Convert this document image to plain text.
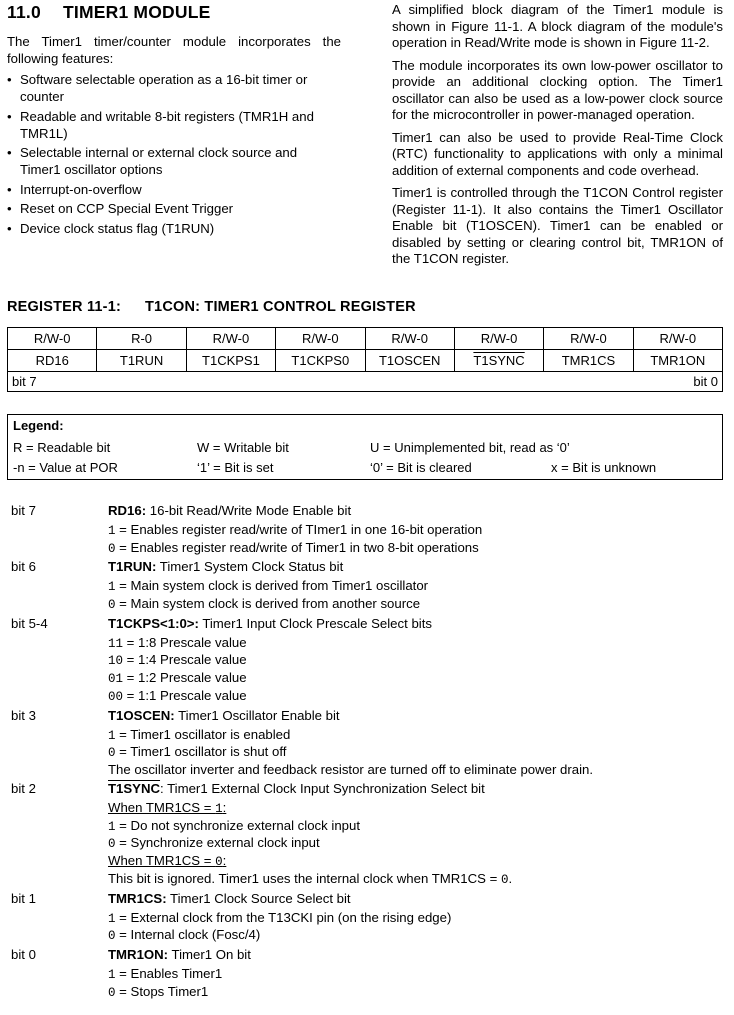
11.0 TIMER1 MODULE

The Timer1 timer/counter module incorporates the following features:

• Software selectable operation as a 16-bit timer or counter
• Readable and writable 8-bit registers (TMR1H and TMR1L)
• Selectable internal or external clock source and Timer1 oscillator options
• Interrupt-on-overflow
• Reset on CCP Special Event Trigger
• Device clock status flag (T1RUN)

A simplified block diagram of the Timer1 module is shown in Figure 11-1. A block diagram of the module's operation in Read/Write mode is shown in Figure 11-2.

The module incorporates its own low-power oscillator to provide an additional clocking option. The Timer1 oscillator can also be used as a low-power clock source for the microcontroller in power-managed operation.

Timer1 can also be used to provide Real-Time Clock (RTC) functionality to applications with only a minimal addition of external components and code overhead.

Timer1 is controlled through the T1CON Control register (Register 11-1). It also contains the Timer1 Oscillator Enable bit (T1OSCEN). Timer1 can be enabled or disabled by setting or clearing control bit, TMR1ON of the T1CON register.

REGISTER 11-1: T1CON: TIMER1 CONTROL REGISTER
R/W-0	R-0	R/W-0	R/W-0	R/W-0	R/W-0	R/W-0	R/W-0
RD16	T1RUN	T1CKPS1	T1CKPS0	T1OSCEN	T1SYNC	TMR1CS	TMR1ON
bit 7 bit 0							
Legend:
R = Readable bit	W = Writable bit	U = Unimplemented bit, read as ‘0’
-n = Value at POR	‘1’ = Bit is set	‘0’ = Bit is cleared	x = Bit is unknown
bit 7	RD16: 16-bit Read/Write Mode Enable bit
1 = Enables register read/write of TImer1 in one 16-bit operation
0 = Enables register read/write of Timer1 in two 8-bit operations
bit 6	T1RUN: Timer1 System Clock Status bit
1 = Main system clock is derived from Timer1 oscillator
0 = Main system clock is derived from another source
bit 5-4	T1CKPS<1:0>: Timer1 Input Clock Prescale Select bits
11 = 1:8 Prescale value
10 = 1:4 Prescale value
01 = 1:2 Prescale value
00 = 1:1 Prescale value
bit 3	T1OSCEN: Timer1 Oscillator Enable bit
1 = Timer1 oscillator is enabled
0 = Timer1 oscillator is shut off
The oscillator inverter and feedback resistor are turned off to eliminate power drain.
bit 2	T1SYNC: Timer1 External Clock Input Synchronization Select bit
When TMR1CS = 1:
1 = Do not synchronize external clock input
0 = Synchronize external clock input
When TMR1CS = 0:
This bit is ignored. Timer1 uses the internal clock when TMR1CS = 0.
bit 1	TMR1CS: Timer1 Clock Source Select bit
1 = External clock from the T13CKI pin (on the rising edge)
0 = Internal clock (Fosc/4)
bit 0	TMR1ON: Timer1 On bit
1 = Enables Timer1
0 = Stops Timer1
